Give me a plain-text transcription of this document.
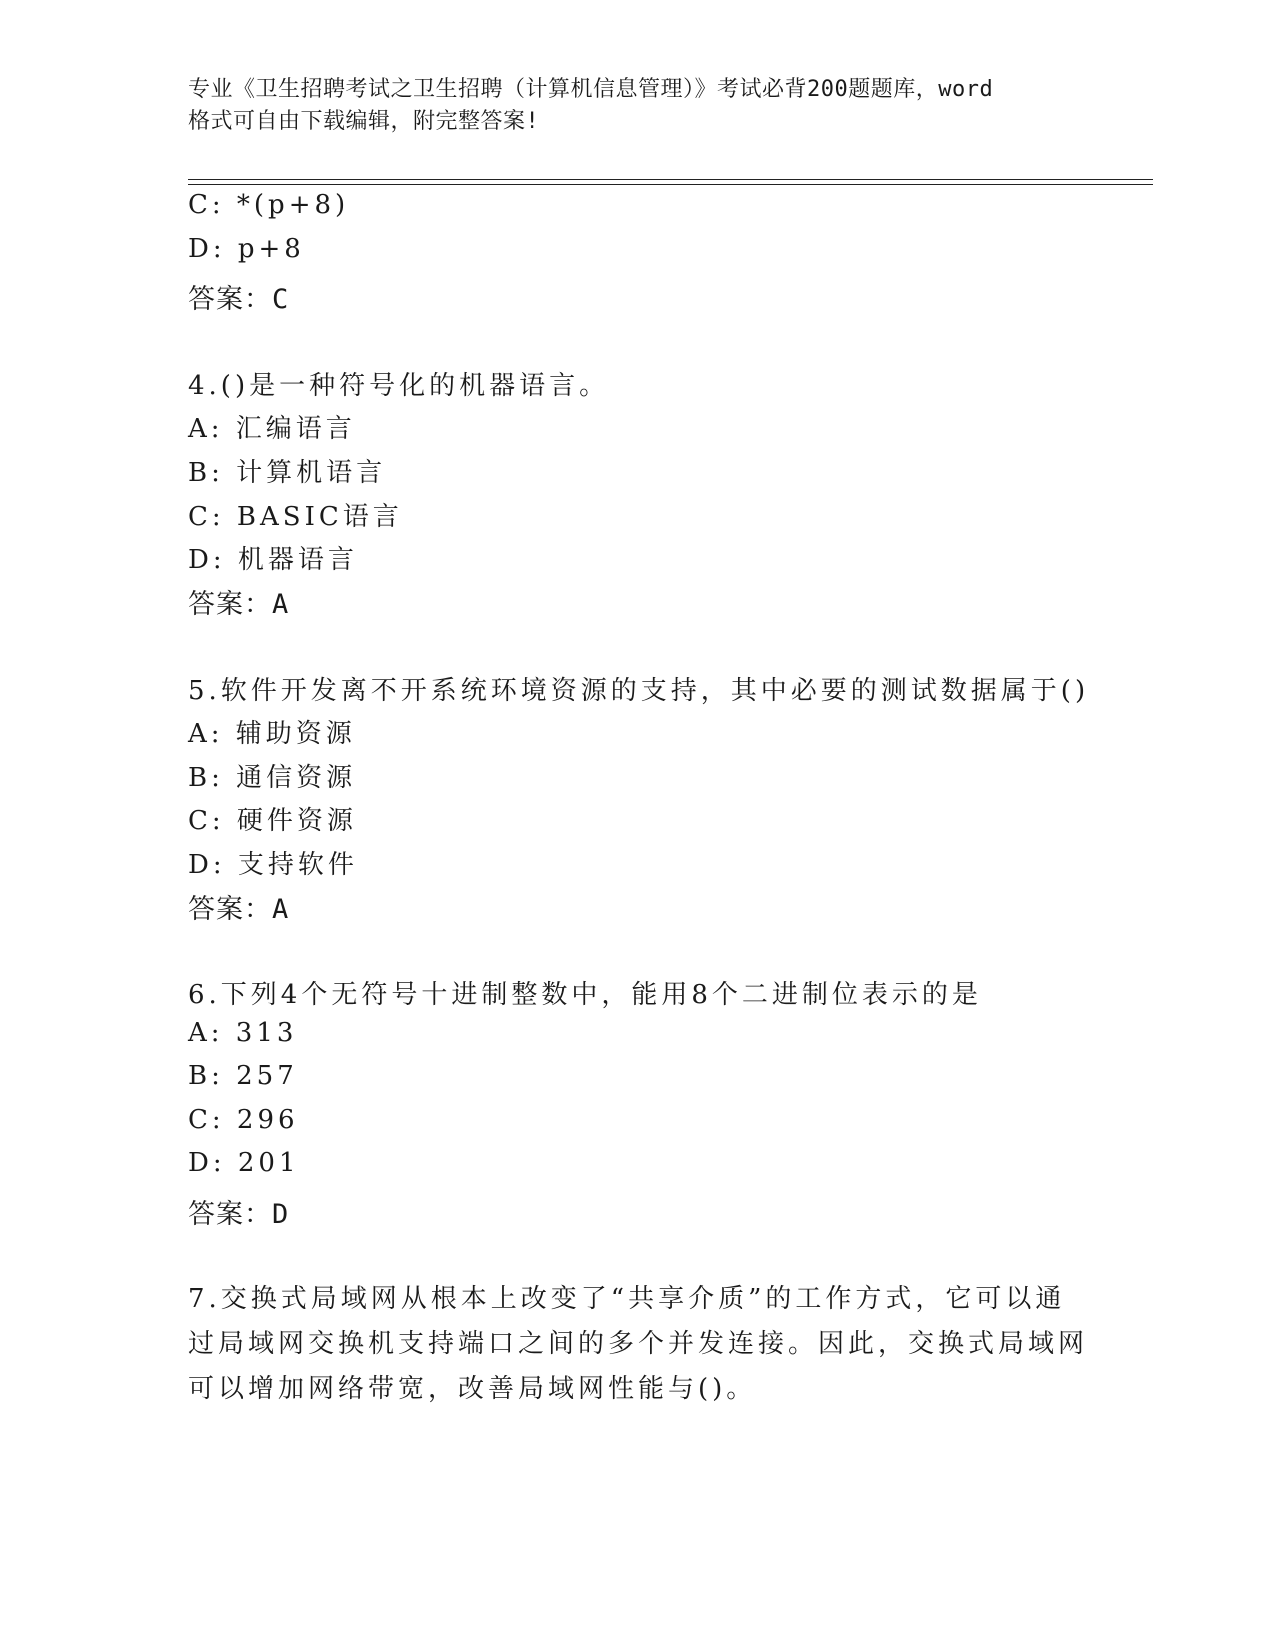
专业《卫生招聘考试之卫生招聘（计算机信息管理）》考试必背200题题库，word
格式可自由下载编辑，附完整答案!
C: *(p+8)
D: p+8
答案：C
4.()是一种符号化的机器语言。
A: 汇编语言
B: 计算机语言
C: BASIC语言
D: 机器语言
答案：A
5.软件开发离不开系统环境资源的支持，其中必要的测试数据属于()
A: 辅助资源
B: 通信资源
C: 硬件资源
D: 支持软件
答案：A
6.下列4个无符号十进制整数中，能用8个二进制位表示的是
A: 313
B: 257
C: 296
D: 201
答案：D
7.交换式局域网从根本上改变了“共享介质”的工作方式，它可以通
过局域网交换机支持端口之间的多个并发连接。因此，交换式局域网
可以增加网络带宽，改善局域网性能与()。
